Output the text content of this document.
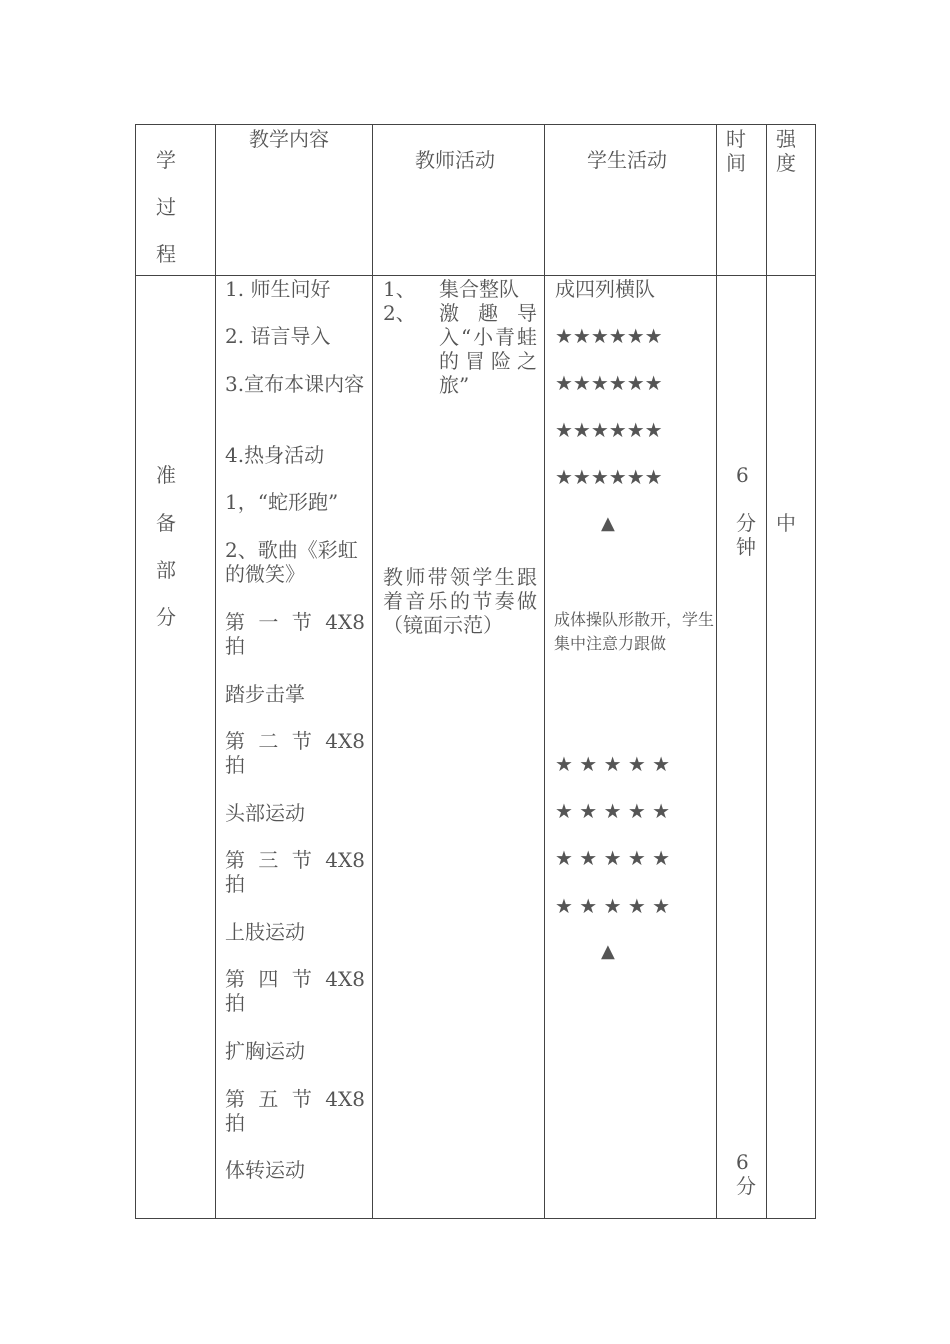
学
过
程
教学内容
教师活动	学生活动
时
间
强
度
准
备
部
分
1. 师生问好
2. 语言导入
3.宣布本课内容
4.热身活动
1，“蛇形跑”
2、歌曲《彩虹的微笑》
第 一 节 4X8 拍
踏步击掌
第 二 节 4X8 拍
头部运动
第 三 节 4X8 拍
上肢运动
第 四 节 4X8 拍
扩胸运动
第 五 节 4X8 拍
体转运动
1、 集合整队
2、 激趣导入“小青蛙的冒险之旅”
教师带领学生跟着音乐的节奏做（镜面示范）
成四列横队
★★★★★★
★★★★★★
★★★★★★
★★★★★★
▲
成体操队形散开，学生集中注意力跟做
★ ★ ★ ★ ★
★ ★ ★ ★ ★
★ ★ ★ ★ ★
★ ★ ★ ★ ★
▲
6
分
钟
6
分
中
